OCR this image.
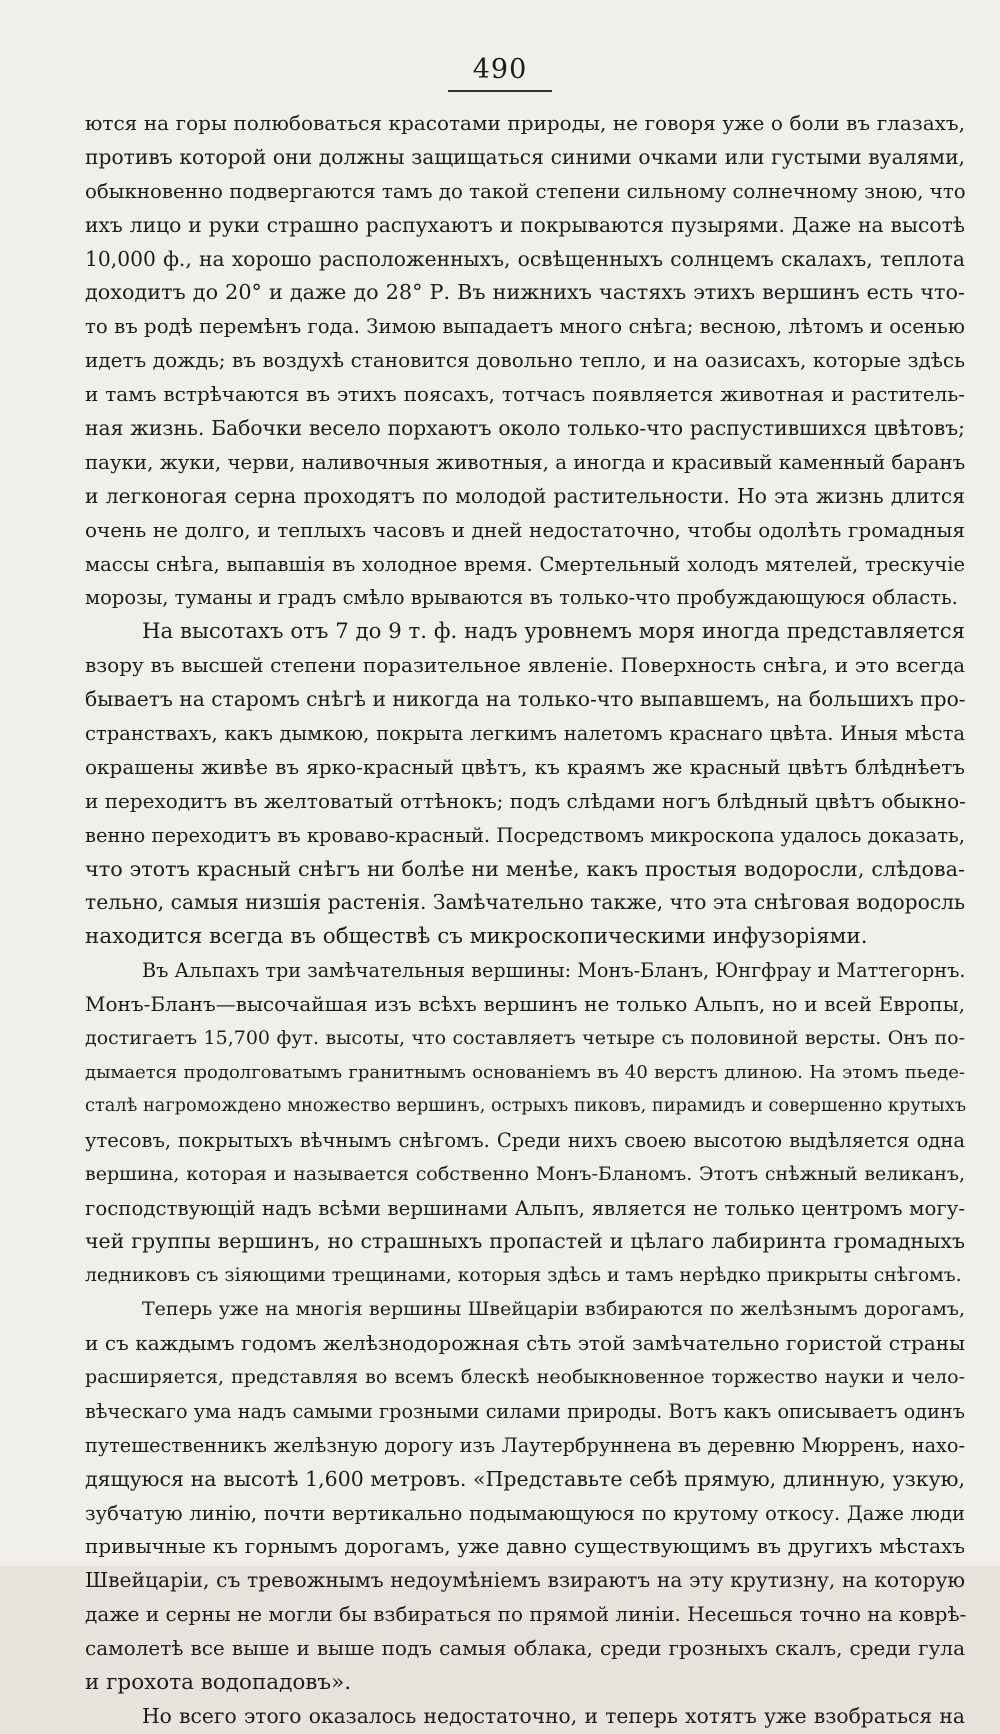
490
ются на горы полюбоваться красотами природы, не говоря уже о боли въ глазахъ,
противъ которой они должны защищаться синими очками или густыми вуалями,
обыкновенно подвергаются тамъ до такой степени сильному солнечному зною, что
ихъ лицо и руки страшно распухаютъ и покрываются пузырями. Даже на высотѣ
10,000 ф., на хорошо расположенныхъ, освѣщенныхъ солнцемъ скалахъ, теплота
доходитъ до 20° и даже до 28° Р. Въ нижнихъ частяхъ этихъ вершинъ есть что-
то въ родѣ перемѣнъ года. Зимою выпадаетъ много снѣга; весною, лѣтомъ и осенью
идетъ дождь; въ воздухѣ становится довольно тепло, и на оазисахъ, которые здѣсь
и тамъ встрѣчаются въ этихъ поясахъ, тотчасъ появляется животная и раститель-
ная жизнь. Бабочки весело порхаютъ около только-что распустившихся цвѣтовъ;
пауки, жуки, черви, наливочныя животныя, а иногда и красивый каменный баранъ
и легконогая серна проходятъ по молодой растительности. Но эта жизнь длится
очень не долго, и теплыхъ часовъ и дней недостаточно, чтобы одолѣть громадныя
массы снѣга, выпавшія въ холодное время. Смертельный холодъ мятелей, трескучіе
морозы, туманы и градъ смѣло врываются въ только-что пробуждающуюся область.
На высотахъ отъ 7 до 9 т. ф. надъ уровнемъ моря иногда представляется
взору въ высшей степени поразительное явленіе. Поверхность снѣга, и это всегда
бываетъ на старомъ снѣгѣ и никогда на только-что выпавшемъ, на большихъ про-
странствахъ, какъ дымкою, покрыта легкимъ налетомъ краснаго цвѣта. Иныя мѣста
окрашены живѣе въ ярко-красный цвѣтъ, къ краямъ же красный цвѣтъ блѣднѣетъ
и переходитъ въ желтоватый оттѣнокъ; подъ слѣдами ногъ блѣдный цвѣтъ обыкно-
венно переходитъ въ кроваво-красный. Посредствомъ микроскопа удалось доказать,
что этотъ красный снѣгъ ни болѣе ни менѣе, какъ простыя водоросли, слѣдова-
тельно, самыя низшія растенія. Замѣчательно также, что эта снѣговая водоросль
находится всегда въ обществѣ съ микроскопическими инфузоріями.
Въ Альпахъ три замѣчательныя вершины: Монъ-Бланъ, Юнгфрау и Маттегорнъ.
Монъ-Бланъ—высочайшая изъ всѣхъ вершинъ не только Альпъ, но и всей Европы,
достигаетъ 15,700 фут. высоты, что составляетъ четыре съ половиной версты. Онъ по-
дымается продолговатымъ гранитнымъ основаніемъ въ 40 верстъ длиною. На этомъ пьеде-
сталѣ нагромождено множество вершинъ, острыхъ пиковъ, пирамидъ и совершенно крутыхъ
утесовъ, покрытыхъ вѣчнымъ снѣгомъ. Среди нихъ своею высотою выдѣляется одна
вершина, которая и называется собственно Монъ-Бланомъ. Этотъ снѣжный великанъ,
господствующій надъ всѣми вершинами Альпъ, является не только центромъ могу-
чей группы вершинъ, но страшныхъ пропастей и цѣлаго лабиринта громадныхъ
ледниковъ съ зіяющими трещинами, которыя здѣсь и тамъ нерѣдко прикрыты снѣгомъ.
Теперь уже на многія вершины Швейцаріи взбираются по желѣзнымъ дорогамъ,
и съ каждымъ годомъ желѣзнодорожная сѣть этой замѣчательно гористой страны
расширяется, представляя во всемъ блескѣ необыкновенное торжество науки и чело-
вѣческаго ума надъ самыми грозными силами природы. Вотъ какъ описываетъ одинъ
путешественникъ желѣзную дорогу изъ Лаутербруннена въ деревню Мюрренъ, нахо-
дящуюся на высотѣ 1,600 метровъ. «Представьте себѣ прямую, длинную, узкую,
зубчатую линію, почти вертикально подымающуюся по крутому откосу. Даже люди
привычные къ горнымъ дорогамъ, уже давно существующимъ въ другихъ мѣстахъ
Швейцаріи, съ тревожнымъ недоумѣніемъ взираютъ на эту крутизну, на которую
даже и серны не могли бы взбираться по прямой линіи. Несешься точно на коврѣ-
самолетѣ все выше и выше подъ самыя облака, среди грозныхъ скалъ, среди гула
и грохота водопадовъ».
Но всего этого оказалось недостаточно, и теперь хотятъ уже взобраться на
